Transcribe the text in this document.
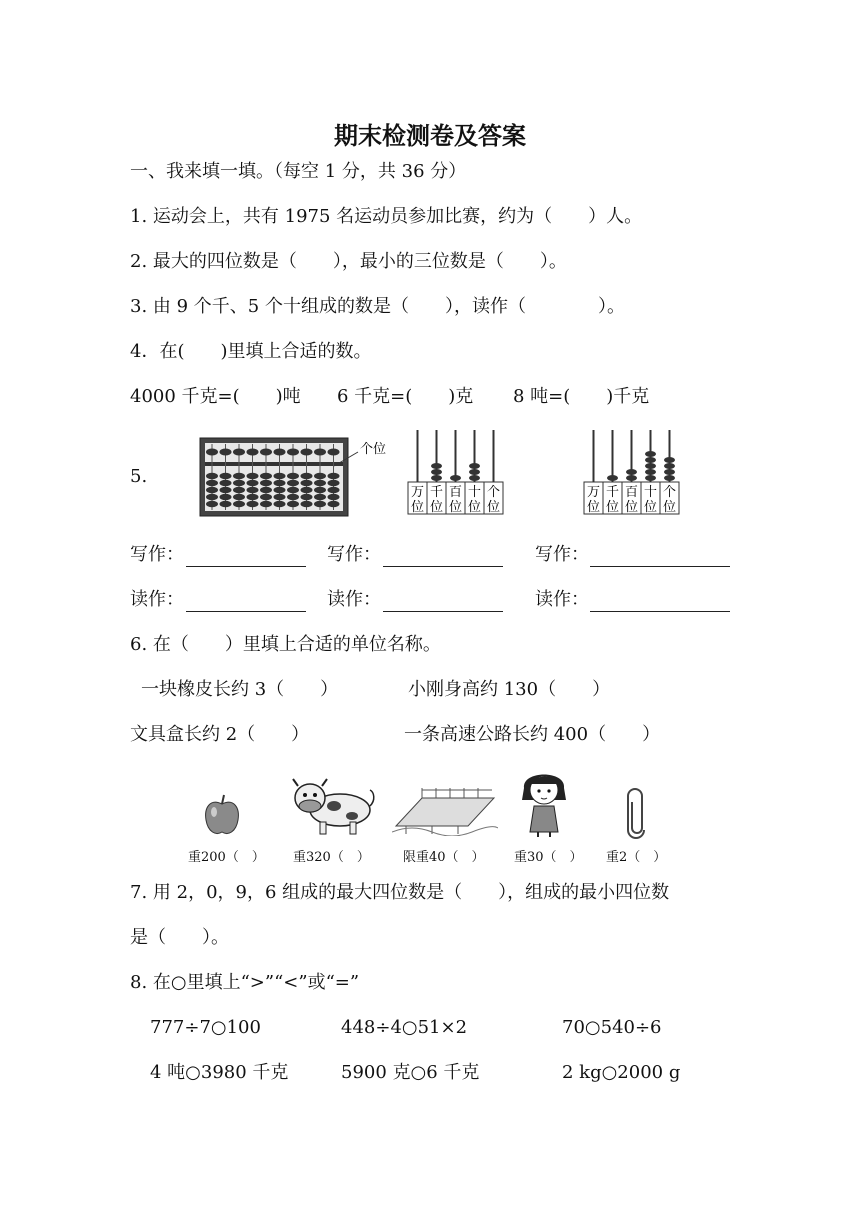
期末检测卷及答案
一、我来填一填。（每空 1 分，共 36 分）
1. 运动会上，共有 1975 名运动员参加比赛，约为（　　）人。
2. 最大的四位数是（　　），最小的三位数是（　　）。
3. 由 9 个千、5 个十组成的数是（　　），读作（　　　　）。
4．在(　　)里填上合适的数。
4000 千克=(　　)吨 6 千克=(　　)克 8 吨=(　　)千克
5.
个位
万
位
千
位
百
位
十
位
个
位
万
位
千
位
百
位
十
位
个
位
写作：	写作：	写作：
读作：	读作：	读作：
6. 在（　　）里填上合适的单位名称。
一块橡皮长约 3（　　）	小刚身高约 130（　　）
文具盒长约 2（　　）	一条高速公路长约 400（　　）
重200（　） 重320（　）	限重40（　） 重30（　） 重2（　）
7. 用 2，0，9，6 组成的最大四位数是（　　），组成的最小四位数
是（　　）。
8. 在○里填上“>”“<”或“=”
777÷7○100	448÷4○51×2	70○540÷6
4 吨○3980 千克	5900 克○6 千克	2 kg○2000 g
